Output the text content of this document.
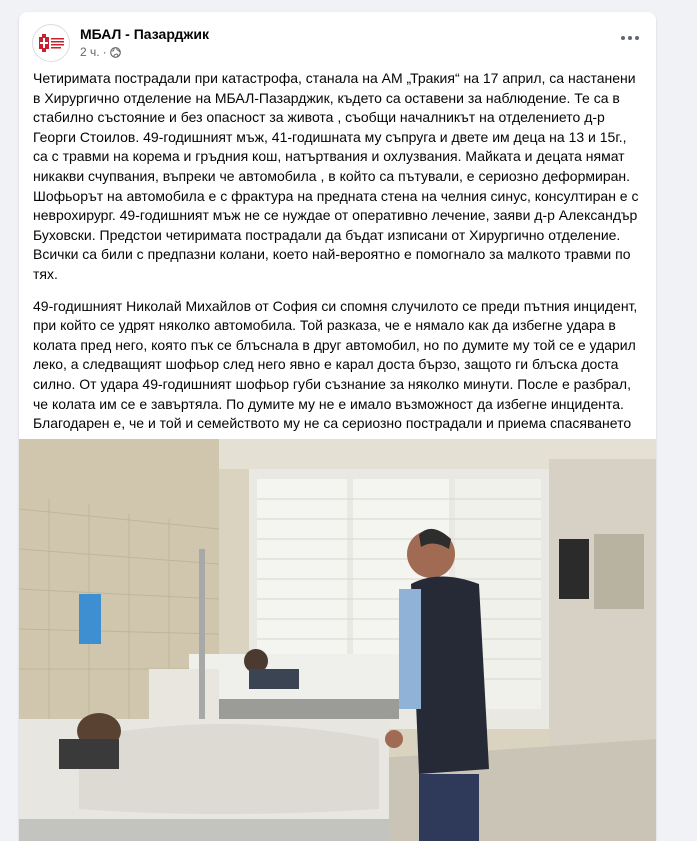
МБАЛ - Пазарджик
2 ч. ·

Четиримата пострадали при катастрофа, станала на АМ „Тракия“ на 17 април, са настанени в Хирургично отделение на МБАЛ-Пазарджик, където са оставени за наблюдение. Те са в стабилно състояние и без опасност за живота , съобщи началникът на отделението д-р Георги Стоилов. 49-годишният мъж, 41-годишната му съпруга и двете им деца на 13 и 15г., са с травми на корема и гръдния кош, натъртвания и охлузвания. Майката и децата нямат никакви счупвания, въпреки че автомобила , в който са пътували, е сериозно деформиран. Шофьорът на автомобила е с фрактура на предната стена на челния синус, консултиран е с неврохирург. 49-годишният мъж не се нуждае от оперативно лечение, заяви д-р Александър Буховски. Предстои четиримата пострадали да бъдат изписани от Хирургично отделение. Всички са били с предпазни колани, което най-вероятно е помогнало за малкото травми по тях.

49-годишният Николай Михайлов от София си спомня случилото се преди пътния инцидент, при който се удрят няколко автомобила. Той разказа, че е нямало как да избегне удара в колата пред него, която пък се блъснала в друг автомобил, но по думите му той се е ударил леко, а следващият шофьор след него явно е карал доста бързо, защото ги блъска доста силно. От удара 49-годишният шофьор губи съзнание за няколко минути. После е разбрал, че колата им се е завъртяла. По думите му не е имало възможност да избегне инцидента. Благодарен е, че и той и семейството му не са сериозно пострадали и приема спасяването
